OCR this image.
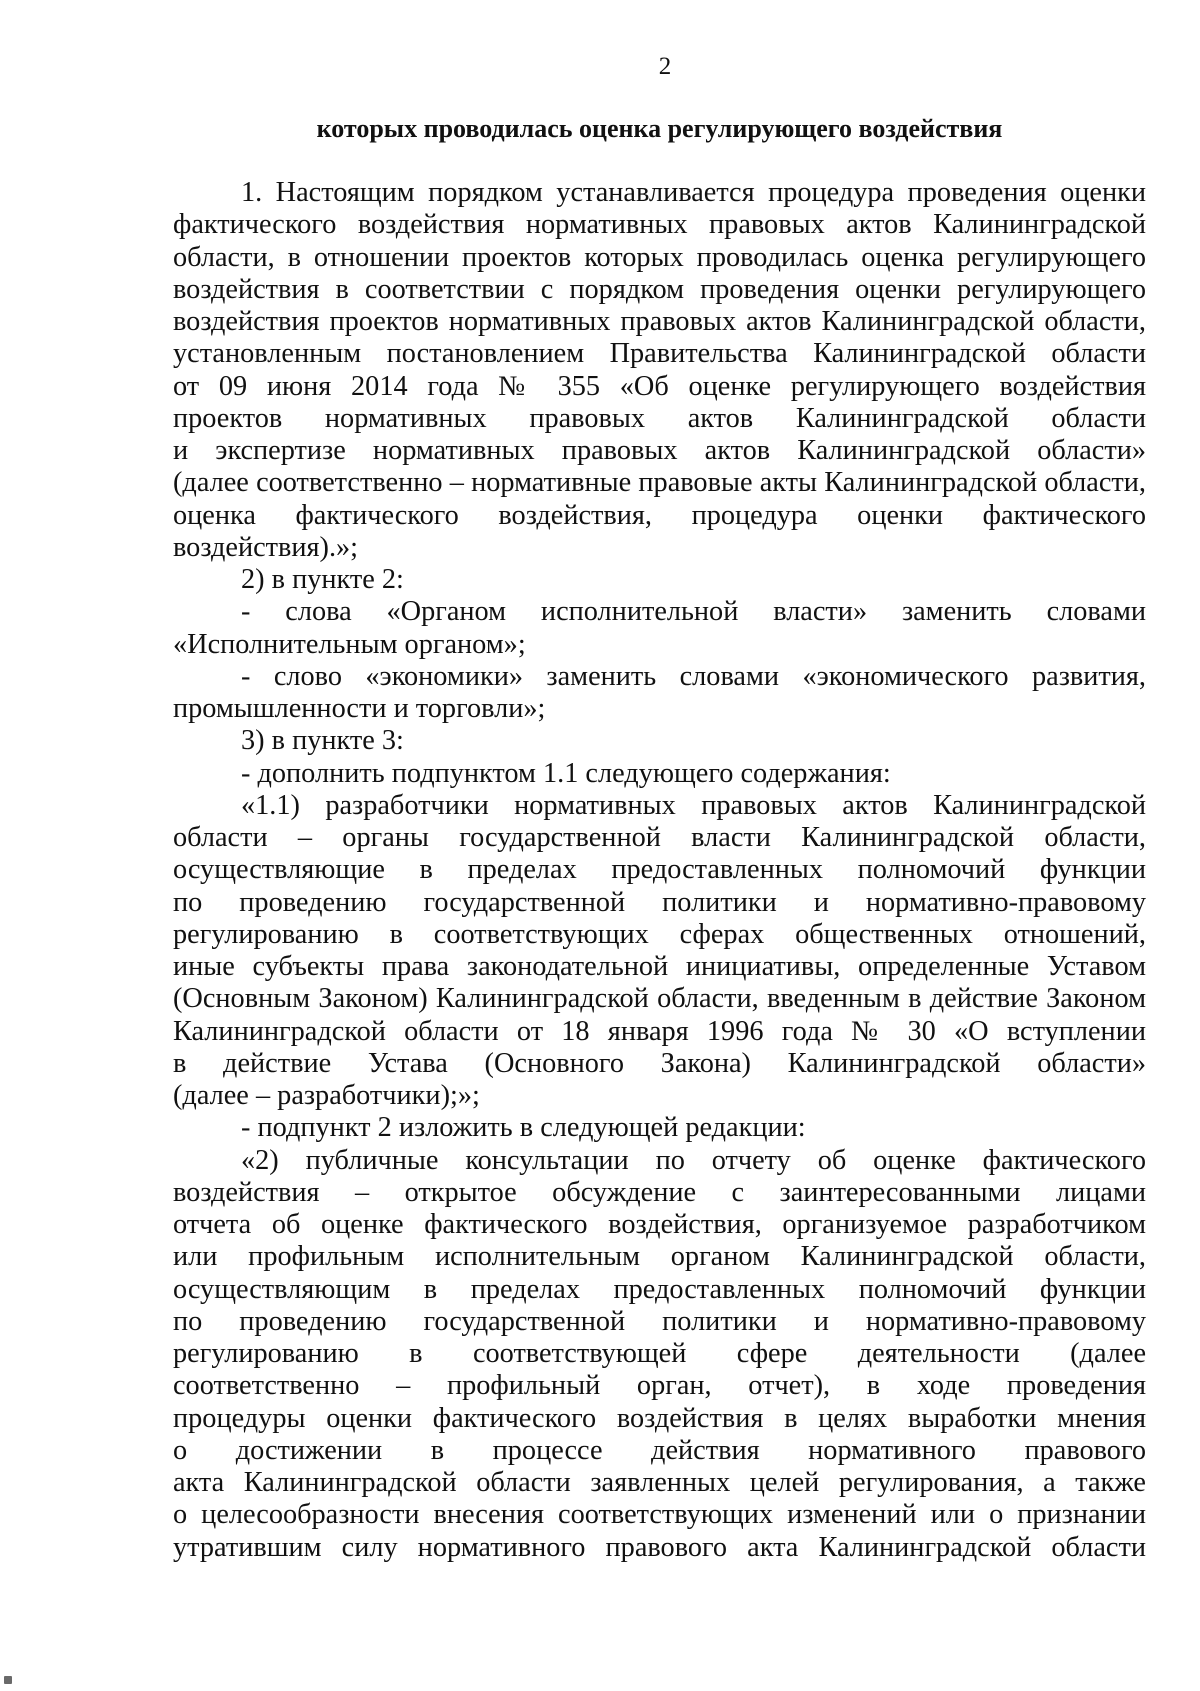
2
которых проводилась оценка регулирующего воздействия
1. Настоящим порядком устанавливается процедура проведения оценки
фактического воздействия нормативных правовых актов Калининградской
области, в отношении проектов которых проводилась оценка регулирующего
воздействия в соответствии с порядком проведения оценки регулирующего
воздействия проектов нормативных правовых актов Калининградской области,
установленным постановлением Правительства Калининградской области
от 09 июня 2014 года № 355 «Об оценке регулирующего воздействия
проектов нормативных правовых актов Калининградской области
и экспертизе нормативных правовых актов Калининградской области»
(далее соответственно – нормативные правовые акты Калининградской области,
оценка фактического воздействия, процедура оценки фактического
воздействия).»;
2) в пункте 2:
- слова «Органом исполнительной власти» заменить словами
«Исполнительным органом»;
- слово «экономики» заменить словами «экономического развития,
промышленности и торговли»;
3) в пункте 3:
- дополнить подпунктом 1.1 следующего содержания:
«1.1) разработчики нормативных правовых актов Калининградской
области – органы государственной власти Калининградской области,
осуществляющие в пределах предоставленных полномочий функции
по проведению государственной политики и нормативно-правовому
регулированию в соответствующих сферах общественных отношений,
иные субъекты права законодательной инициативы, определенные Уставом
(Основным Законом) Калининградской области, введенным в действие Законом
Калининградской области от 18 января 1996 года № 30 «О вступлении
в действие Устава (Основного Закона) Калининградской области»
(далее – разработчики);»;
- подпункт 2 изложить в следующей редакции:
«2) публичные консультации по отчету об оценке фактического
воздействия – открытое обсуждение с заинтересованными лицами
отчета об оценке фактического воздействия, организуемое разработчиком
или профильным исполнительным органом Калининградской области,
осуществляющим в пределах предоставленных полномочий функции
по проведению государственной политики и нормативно-правовому
регулированию в соответствующей сфере деятельности (далее
соответственно – профильный орган, отчет), в ходе проведения
процедуры оценки фактического воздействия в целях выработки мнения
о достижении в процессе действия нормативного правового
акта Калининградской области заявленных целей регулирования, а также
о целесообразности внесения соответствующих изменений или о признании
утратившим силу нормативного правового акта Калининградской области
